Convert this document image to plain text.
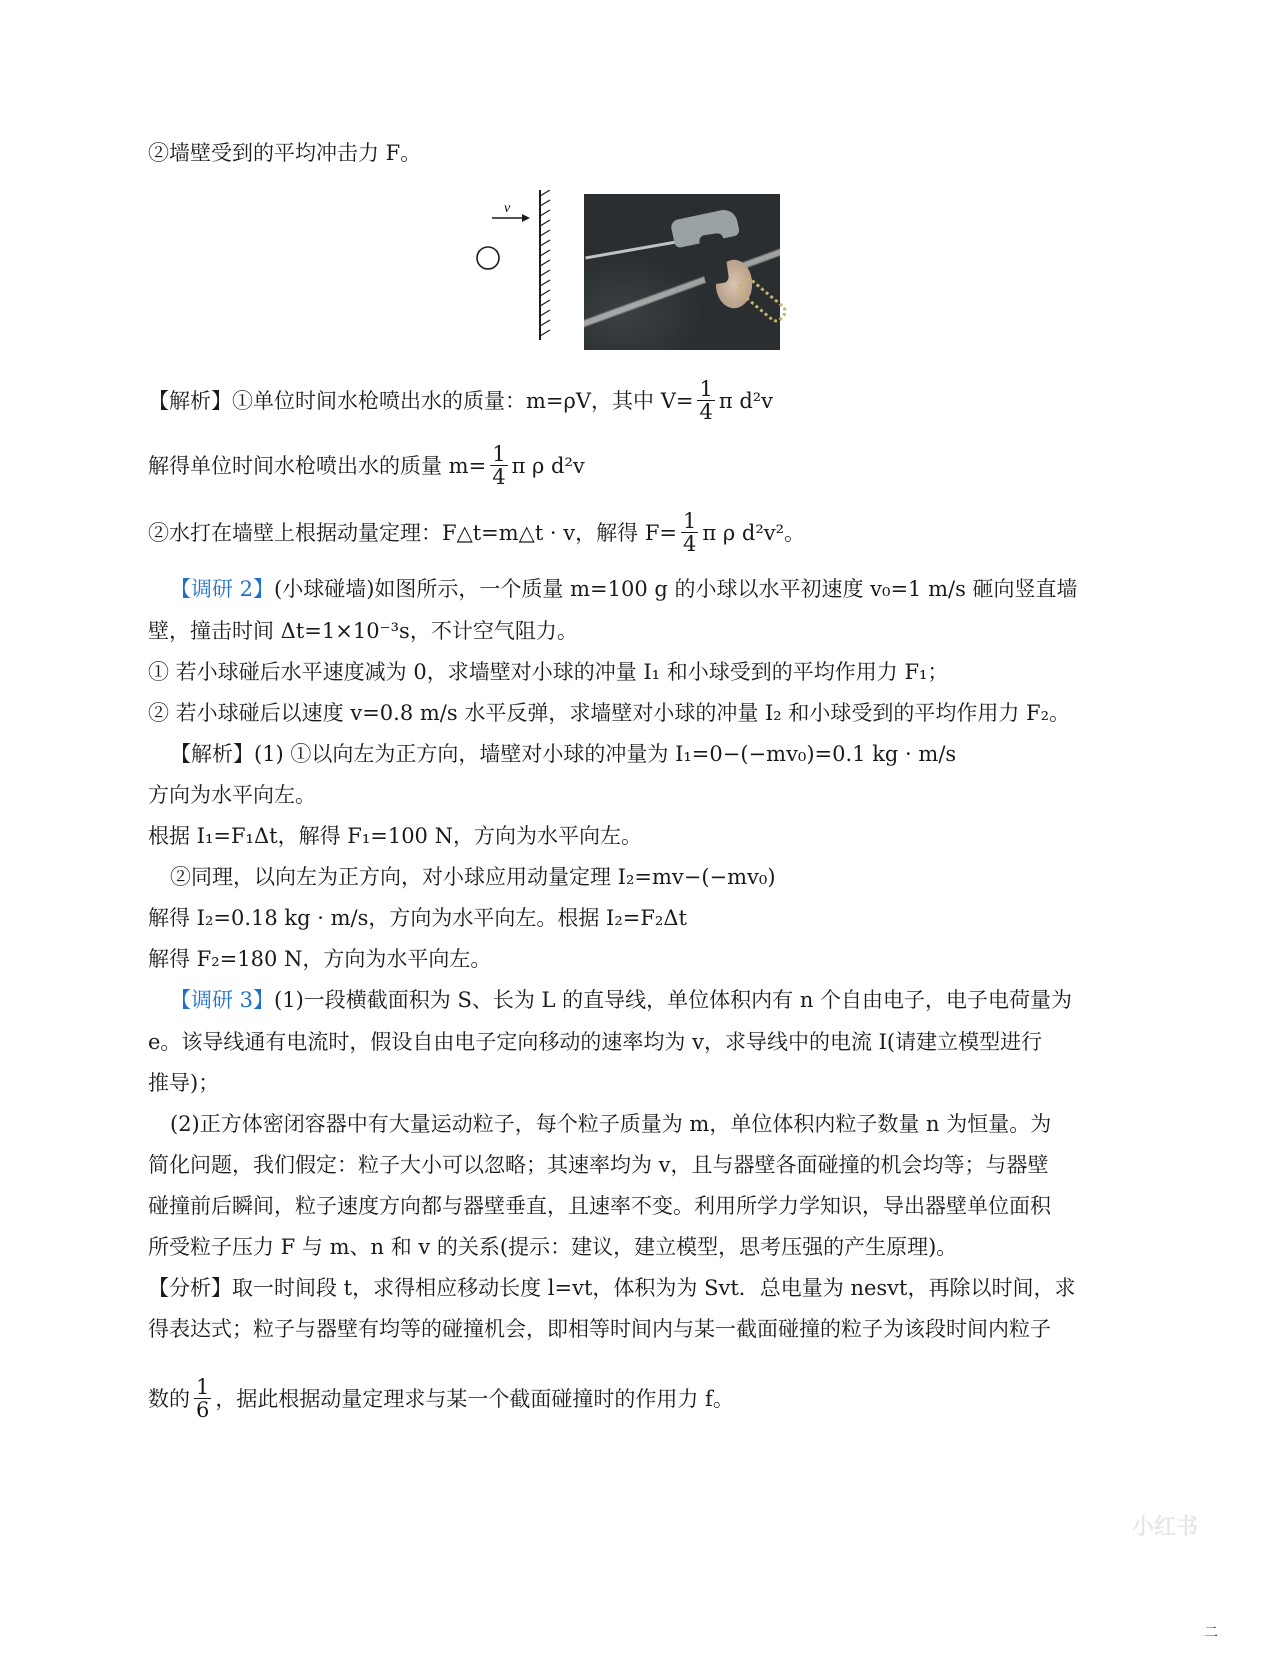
②墙壁受到的平均冲击力 F。
v
【解析】①单位时间水枪喷出水的质量：m=ρV，其中 $V= \frac{1}{4}$ π d²v
解得单位时间水枪喷出水的质量 $m= \frac{1}{4}$ π ρ d²v
②水打在墙壁上根据动量定理：F△t=m△t · v，解得 $F= \frac{1}{4}$ π ρ d²v²。
【调研 2】(小球碰墙)如图所示，一个质量 m=100 g 的小球以水平初速度 v₀=1 m/s 砸向竖直墙
壁，撞击时间 Δt=1×10⁻³s，不计空气阻力。
① 若小球碰后水平速度减为 0，求墙壁对小球的冲量 I₁ 和小球受到的平均作用力 F₁；
② 若小球碰后以速度 v=0.8 m/s 水平反弹，求墙壁对小球的冲量 I₂ 和小球受到的平均作用力 F₂。
【解析】(1) ①以向左为正方向，墙壁对小球的冲量为 I₁=0−(−mv₀)=0.1 kg · m/s
方向为水平向左。
根据 I₁=F₁Δt，解得 F₁=100 N，方向为水平向左。
②同理，以向左为正方向，对小球应用动量定理 I₂=mv−(−mv₀)
解得 I₂=0.18 kg · m/s，方向为水平向左。根据 I₂=F₂Δt
解得 F₂=180 N，方向为水平向左。
【调研 3】(1)一段横截面积为 S、长为 L 的直导线，单位体积内有 n 个自由电子，电子电荷量为
e。该导线通有电流时，假设自由电子定向移动的速率均为 v，求导线中的电流 I(请建立模型进行
推导)；
(2)正方体密闭容器中有大量运动粒子，每个粒子质量为 m，单位体积内粒子数量 n 为恒量。为
简化问题，我们假定：粒子大小可以忽略；其速率均为 v，且与器壁各面碰撞的机会均等；与器壁
碰撞前后瞬间，粒子速度方向都与器壁垂直，且速率不变。利用所学力学知识，导出器壁单位面积
所受粒子压力 F 与 m、n 和 v 的关系(提示：建议，建立模型，思考压强的产生原理)。
【分析】取一时间段 t，求得相应移动长度 l=vt，体积为为 Svt．总电量为 nesvt，再除以时间，求
得表达式；粒子与器壁有均等的碰撞机会，即相等时间内与某一截面碰撞的粒子为该段时间内粒子
数的 $\frac{1}{6}$ ，据此根据动量定理求与某一个截面碰撞时的作用力 f。
小红书
二
